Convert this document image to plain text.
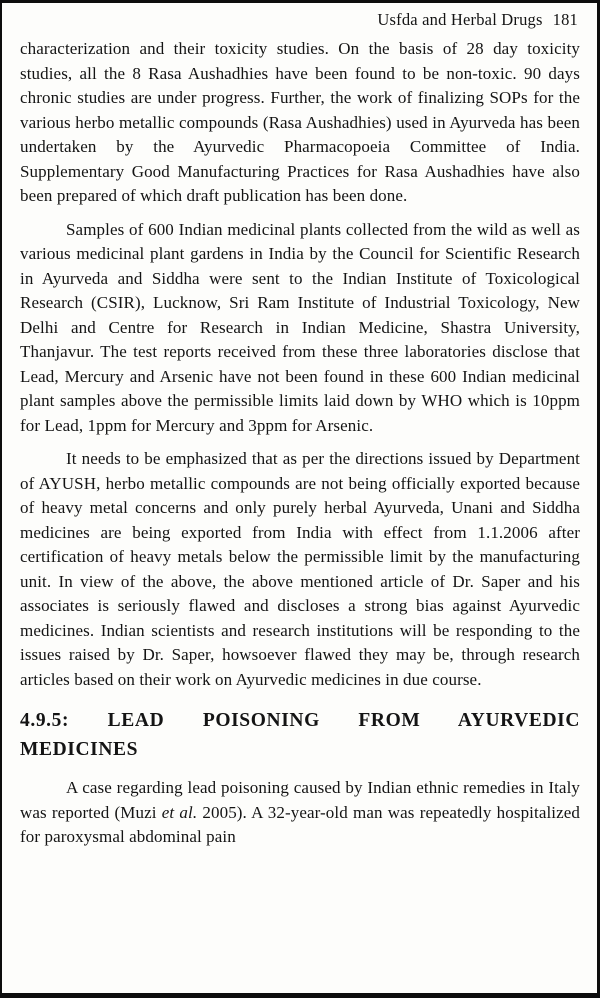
Usfda and Herbal Drugs 181

characterization and their toxicity studies. On the basis of 28 day toxicity studies, all the 8 Rasa Aushadhies have been found to be non-toxic. 90 days chronic studies are under progress. Further, the work of finalizing SOPs for the various herbo metallic compounds (Rasa Aushadhies) used in Ayurveda has been undertaken by the Ayurvedic Pharmacopoeia Committee of India. Supplementary Good Manufacturing Practices for Rasa Aushadhies have also been prepared of which draft publication has been done.

Samples of 600 Indian medicinal plants collected from the wild as well as various medicinal plant gardens in India by the Council for Scientific Research in Ayurveda and Siddha were sent to the Indian Institute of Toxicological Research (CSIR), Lucknow, Sri Ram Institute of Industrial Toxicology, New Delhi and Centre for Research in Indian Medicine, Shastra University, Thanjavur. The test reports received from these three laboratories disclose that Lead, Mercury and Arsenic have not been found in these 600 Indian medicinal plant samples above the permissible limits laid down by WHO which is 10ppm for Lead, 1ppm for Mercury and 3ppm for Arsenic.

It needs to be emphasized that as per the directions issued by Department of AYUSH, herbo metallic compounds are not being officially exported because of heavy metal concerns and only purely herbal Ayurveda, Unani and Siddha medicines are being exported from India with effect from 1.1.2006 after certification of heavy metals below the permissible limit by the manufacturing unit. In view of the above, the above mentioned article of Dr. Saper and his associates is seriously flawed and discloses a strong bias against Ayurvedic medicines. Indian scientists and research institutions will be responding to the issues raised by Dr. Saper, howsoever flawed they may be, through research articles based on their work on Ayurvedic medicines in due course.

4.9.5: LEAD POISONING FROM AYURVEDIC
MEDICINES

A case regarding lead poisoning caused by Indian ethnic remedies in Italy was reported (Muzi et al. 2005). A 32-year-old man was repeatedly hospitalized for paroxysmal abdominal pain
